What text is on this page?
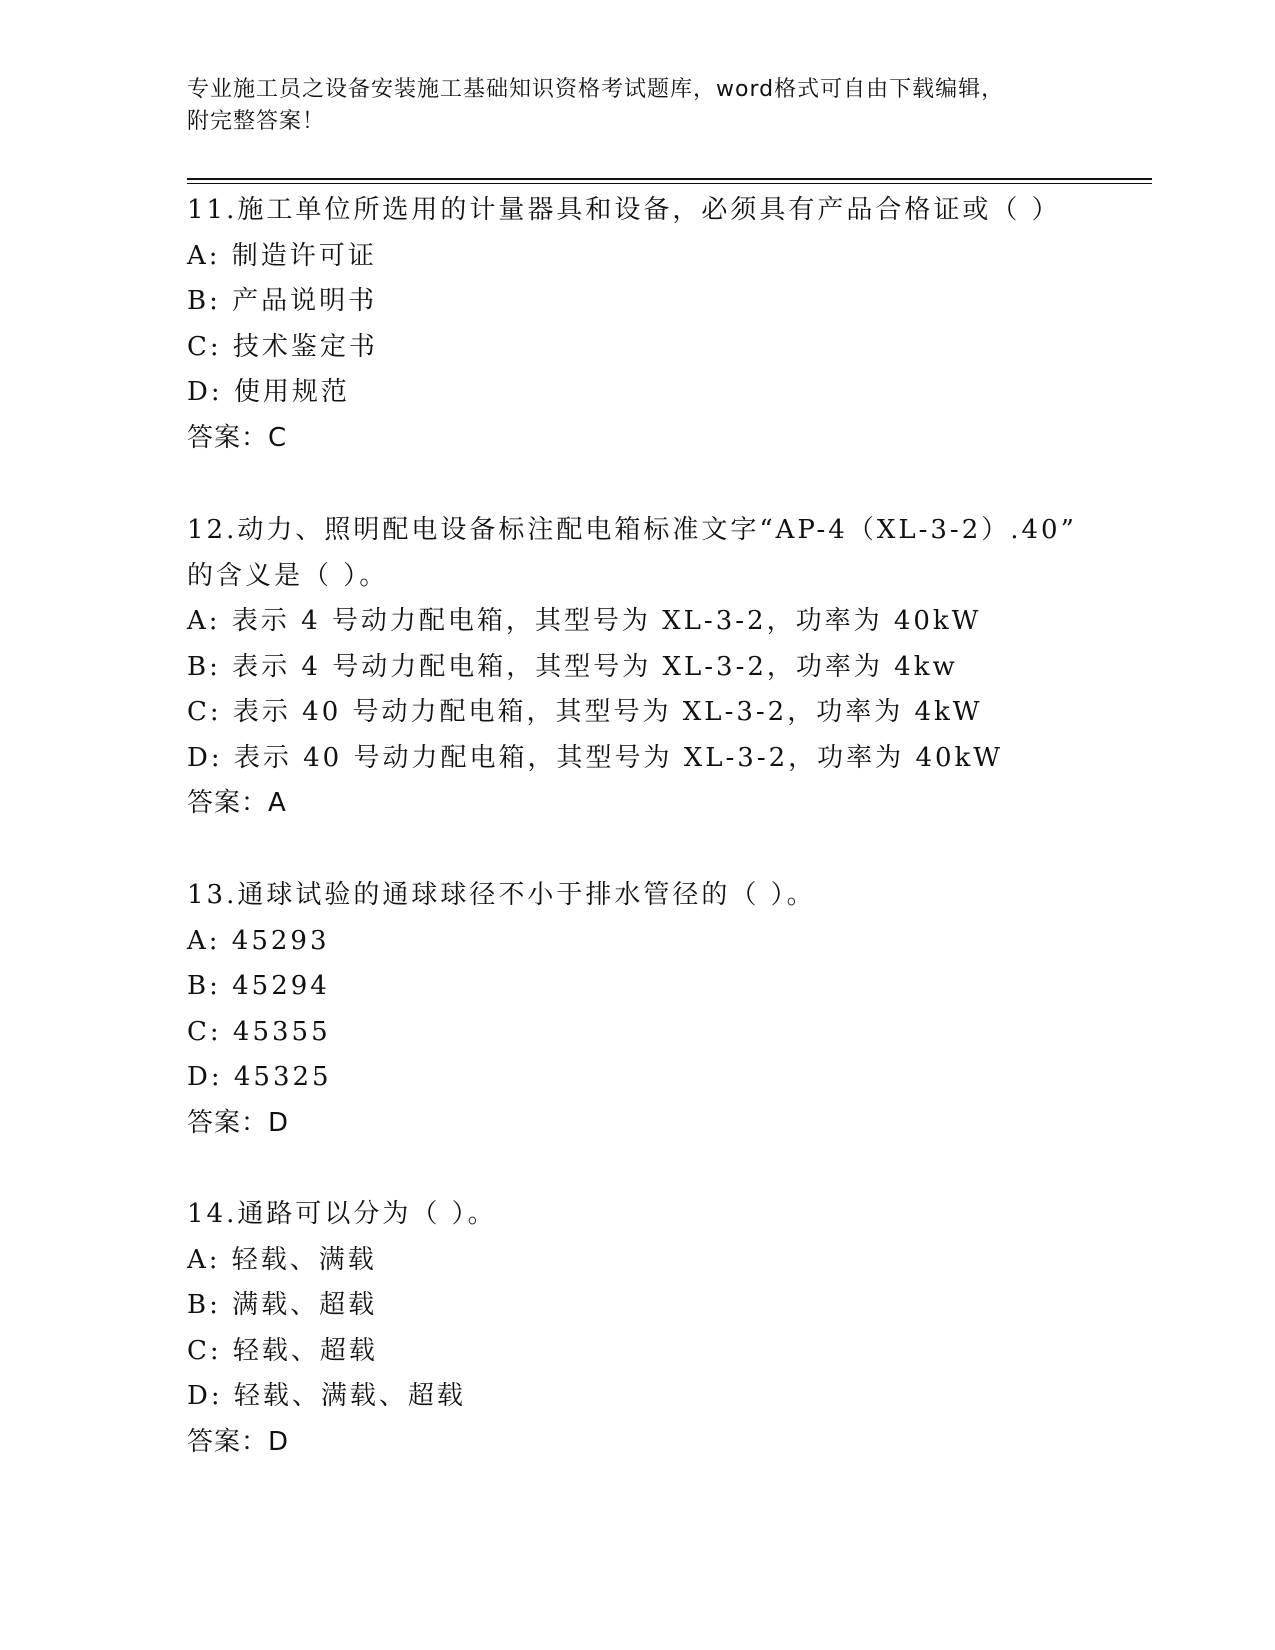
专业施工员之设备安装施工基础知识资格考试题库，word格式可自由下载编辑，
附完整答案！
11.施工单位所选用的计量器具和设备，必须具有产品合格证或（ ）
A: 制造许可证
B: 产品说明书
C: 技术鉴定书
D: 使用规范
答案：C
12.动力、照明配电设备标注配电箱标准文字“AP-4（XL-3-2）.40”
的含义是（ ）。
A: 表示 4 号动力配电箱，其型号为 XL-3-2，功率为 40kW
B: 表示 4 号动力配电箱，其型号为 XL-3-2，功率为 4kw
C: 表示 40 号动力配电箱，其型号为 XL-3-2，功率为 4kW
D: 表示 40 号动力配电箱，其型号为 XL-3-2，功率为 40kW
答案：A
13.通球试验的通球球径不小于排水管径的（ ）。
A: 45293
B: 45294
C: 45355
D: 45325
答案：D
14.通路可以分为（ ）。
A: 轻载、满载
B: 满载、超载
C: 轻载、超载
D: 轻载、满载、超载
答案：D
